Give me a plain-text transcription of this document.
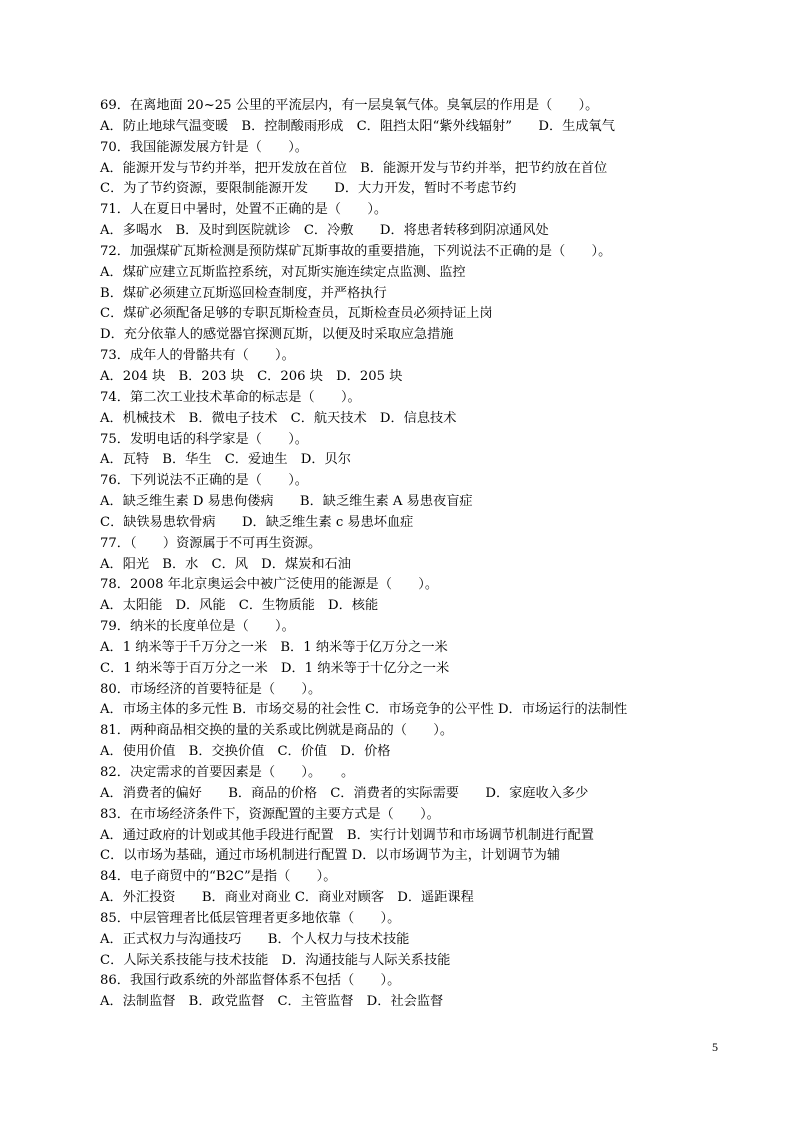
69．在离地面 20~25 公里的平流层内，有一层臭氧气体。臭氧层的作用是（　　）。
A．防止地球气温变暖　B．控制酸雨形成　C．阻挡太阳“紫外线辐射”　　D．生成氧气
70．我国能源发展方针是（　　）。
A．能源开发与节约并举，把开发放在首位　B．能源开发与节约并举，把节约放在首位
C．为了节约资源，要限制能源开发　　D．大力开发，暂时不考虑节约
71．人在夏日中暑时，处置不正确的是（　　）。
A．多喝水　B．及时到医院就诊　C．冷敷　　D．将患者转移到阴凉通风处
72．加强煤矿瓦斯检测是预防煤矿瓦斯事故的重要措施，下列说法不正确的是（　　）。
A．煤矿应建立瓦斯监控系统，对瓦斯实施连续定点监测、监控
B．煤矿必须建立瓦斯巡回检查制度，并严格执行
C．煤矿必须配备足够的专职瓦斯检查员，瓦斯检查员必须持证上岗
D．充分依靠人的感觉器官探测瓦斯，以便及时采取应急措施
73．成年人的骨骼共有（　　）。
A．204 块　B．203 块　C．206 块　D．205 块
74．第二次工业技术革命的标志是（　　）。
A．机械技术　B．微电子技术　C．航天技术　D．信息技术
75．发明电话的科学家是（　　）。
A．瓦特　B．华生　C．爱迪生　D．贝尔
76．下列说法不正确的是（　　）。
A．缺乏维生素 D 易患佝偻病　　B．缺乏维生素 A 易患夜盲症
C．缺铁易患软骨病　　D．缺乏维生素 c 易患坏血症
77．（　　）资源属于不可再生资源。
A．阳光　B．水　C．风　D．煤炭和石油
78．2008 年北京奥运会中被广泛使用的能源是（　　）。
A．太阳能　D．风能　C．生物质能　D．核能
79．纳米的长度单位是（　　）。
A．1 纳米等于千万分之一米　B．1 纳米等于亿万分之一米
C．1 纳米等于百万分之一米　D．1 纳米等于十亿分之一米
80．市场经济的首要特征是（　　）。
A．市场主体的多元性 B．市场交易的社会性 C．市场竞争的公平性 D．市场运行的法制性
81．两种商品相交换的量的关系或比例就是商品的（　　）。
A．使用价值　B．交换价值　C．价值　D．价格
82．决定需求的首要因素是（　　）。　　。
A．消费者的偏好　　B．商品的价格　C．消费者的实际需要　　D．家庭收入多少
83．在市场经济条件下，资源配置的主要方式是（　　）。
A．通过政府的计划或其他手段进行配置　B．实行计划调节和市场调节机制进行配置
C．以市场为基础，通过市场机制进行配置 D．以市场调节为主，计划调节为辅
84．电子商贸中的“B2C”是指（　　）。
A．外汇投资　　B．商业对商业 C．商业对顾客　D．遥距课程
85．中层管理者比低层管理者更多地依靠（　　）。
A．正式权力与沟通技巧　　B．个人权力与技术技能
C．人际关系技能与技术技能　D．沟通技能与人际关系技能
86．我国行政系统的外部监督体系不包括（　　）。
A．法制监督　B．政党监督　C．主管监督　D．社会监督
5
